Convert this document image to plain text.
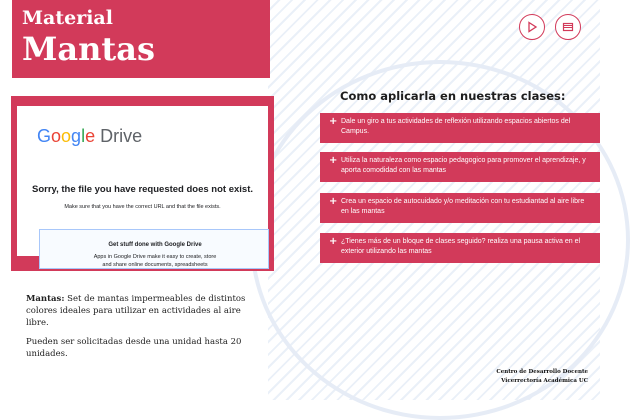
Material
Mantas
Google Drive
Sorry, the file you have requested does not exist.
Make sure that you have the correct URL and that the file exists.
Get stuff done with Google Drive
Apps in Google Drive make it easy to create, store
and share online documents, spreadsheets
Mantas: Set de mantas impermeables de distintos colores ideales para utilizar en actividades al aire libre.
Pueden ser solicitadas desde una unidad hasta 20 unidades.
Como aplicarla en nuestras clases:
+ Dale un giro a tus actividades de reflexión utilizando espacios abiertos del Campus.
+ Utiliza la naturaleza como espacio pedagogico para promover el aprendizaje, y aporta comodidad con las mantas
+ Crea un espacio de autocuidado y/o meditación con tu estudiantad al aire libre en las mantas
+ ¿Tienes más de un bloque de clases seguido? realiza una pausa activa en el exterior utilizando las mantas
Centro de Desarrollo Docente
Vicerrectoría Académica UC
